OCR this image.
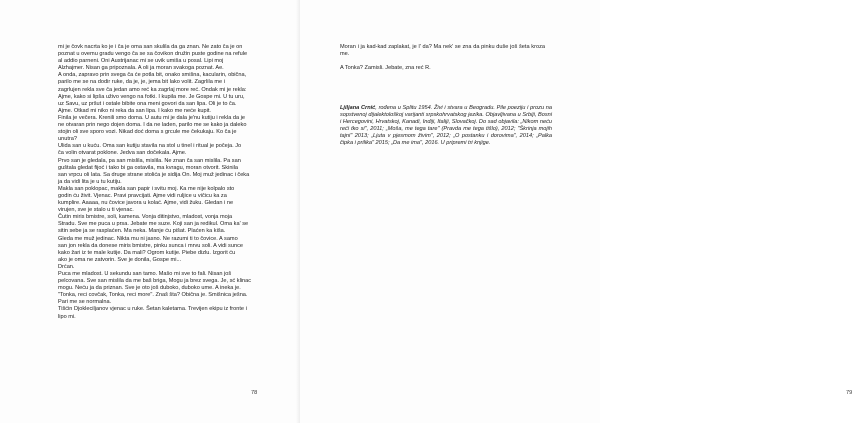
mi je čovk nacrta ko je i ča je oma san skulila da ga znan. Ne zato ča je on

poznat u ovemu gradu vengo ča se sa čovikon družin puste godine na refule

al addio parneni. Oni Austrijanac mi se uvik umiša u posal. Lipi moj

Alzhajmer. Nisan ga pripoznala. A oli ja moran svakoga poznat. Ae.

A onda, zapravo prin svega ča će potla bit, onako smišna, kacularin, obična,

parilo me se na dodir ruke, da je, je, jema bit lako volit. Zagrlila me i

zagrlujen rekla sve ča jedan amo reć ka zagrlaj more reć. Ondak mi je rekla:

Ajme, kako si lipša uživo vengo na fotki. I kupila me. Je Gospe mi. U tu uru,

uz Savu, uz pršut i ostale bibite ona meni govori da san lipa. Oli je to ča.

Ajme. Otkad mi niko ni reka da san lipa. I kako me neće kupit.

Finila je večera. Krenili smo doma. U autu mi je dala je'nu kutiju i rekla da je

ne otvaran prin nego dojen doma. I da ne laden, parilo me se kako ja daleko

stojin oli sve sporo vozi. Nikad doć doma s grcule me čekukaju. Ko ča je

unutra?

Ulida san u kuću. Oma san kutiju stavila na stol u tinel i ritual je počeja. Jo

ča volin otvarat poklone. Jedva san dočekala. Ajme.

Prvo san je gledala, pa san mislila, mislila. Ne znan ča san mislila. Pa san

guštala gledat fijoć i tako bi ga ostavila, ma kvragu, moran otvorit. Skinila

san vrpcu oli lata. Sa druge strane stolića je sidija On. Moj muž jedinac i čeka

ja da vidi lita je u tu kutiju.

Makla san poklopac, makla san papir i svitu moj. Ka me nije kolpalo sto

godin ću živit. Vjenac. Pravi pravcijati. Ajme vidi ruljice u vičicu ka za

kumplire. Aaaaa, nu čovice javora u kolać. Ajme, vidi žuku. Gledan i ne

virujen, sve je stalo u ti vjenac.

Čutin miris bmistre, soli, kamena. Vonja ditinjstvo, mladost, vonja moja

Stradu. Sve me puca u prsa. Jebate me suze. Koji san ja redikul. Oma ka' se

sitin sebe ja se rasplaćen. Ma neka. Manje ću pišat. Plaćen ka kiša.

Gleda me muž jedinac. Nikta mu ni jasno. Ne razumi ti to čovice. A samo

san jon rekla da donese miris bmistre, pinku sunca i mrvu soli. A vidi sunce

kako žari iz te male kutije. Da mali? Ogrom kutije. Piebe dizlu. Izgorit ću

ako je oma ne zatvorin. Sve je donila, Gospe mi...

Drćan.

Puca me mladost. U sekundu san tamo. Mašo mi sve to fali. Nisan još

pelcovana. Sve san mislila da me baš briga, Mogu ja brez svega. Je, sć klinac

mogu. Neću ja da priznan. Sve je oto još duboko, duboko ume. A ineka je.

"Tonka, reci covčak, Tonka, reci more". Znaš šta? Obična je. Smišnica ješna.

Pari me se normalna.

Tišćin Djokleciljanov vjenac u ruke. Šetan kaletama. Trevijen ekipu iz fronte i

lipo mi.

78	79

Moran i ja kad-kad zaplakat, je l' da? Ma nek' se zna da pinku duše još šeta kroza me.

A Tonka? Zamisli. Jebate, zna reć R.

Ljiljana Crnić, rođena u Splitu 1954. Živi i stvara u Beogradu. Pile poeziju i prozu na sopstvenoj dijalektološkoj varijanti srpskohrvatskog jezika. Objavljivana u Srbiji, Bosni i Hercegovini, Hrvatskoj, Kanadi, Indiji, Italiji, Slovačkoj. Do sad objavila: „Nikom neću reći tko si", 2011; „Moša, me tega tare" (Pravda me tega tišlo), 2012; "Škrinja mojih tajni" 2013; „Ljuta v pjesmom živim", 2012; „O postanku i dorovima", 2014; „Palka čipka i prilika" 2015; „Da me ima", 2016. U pripremi tri knjige.
